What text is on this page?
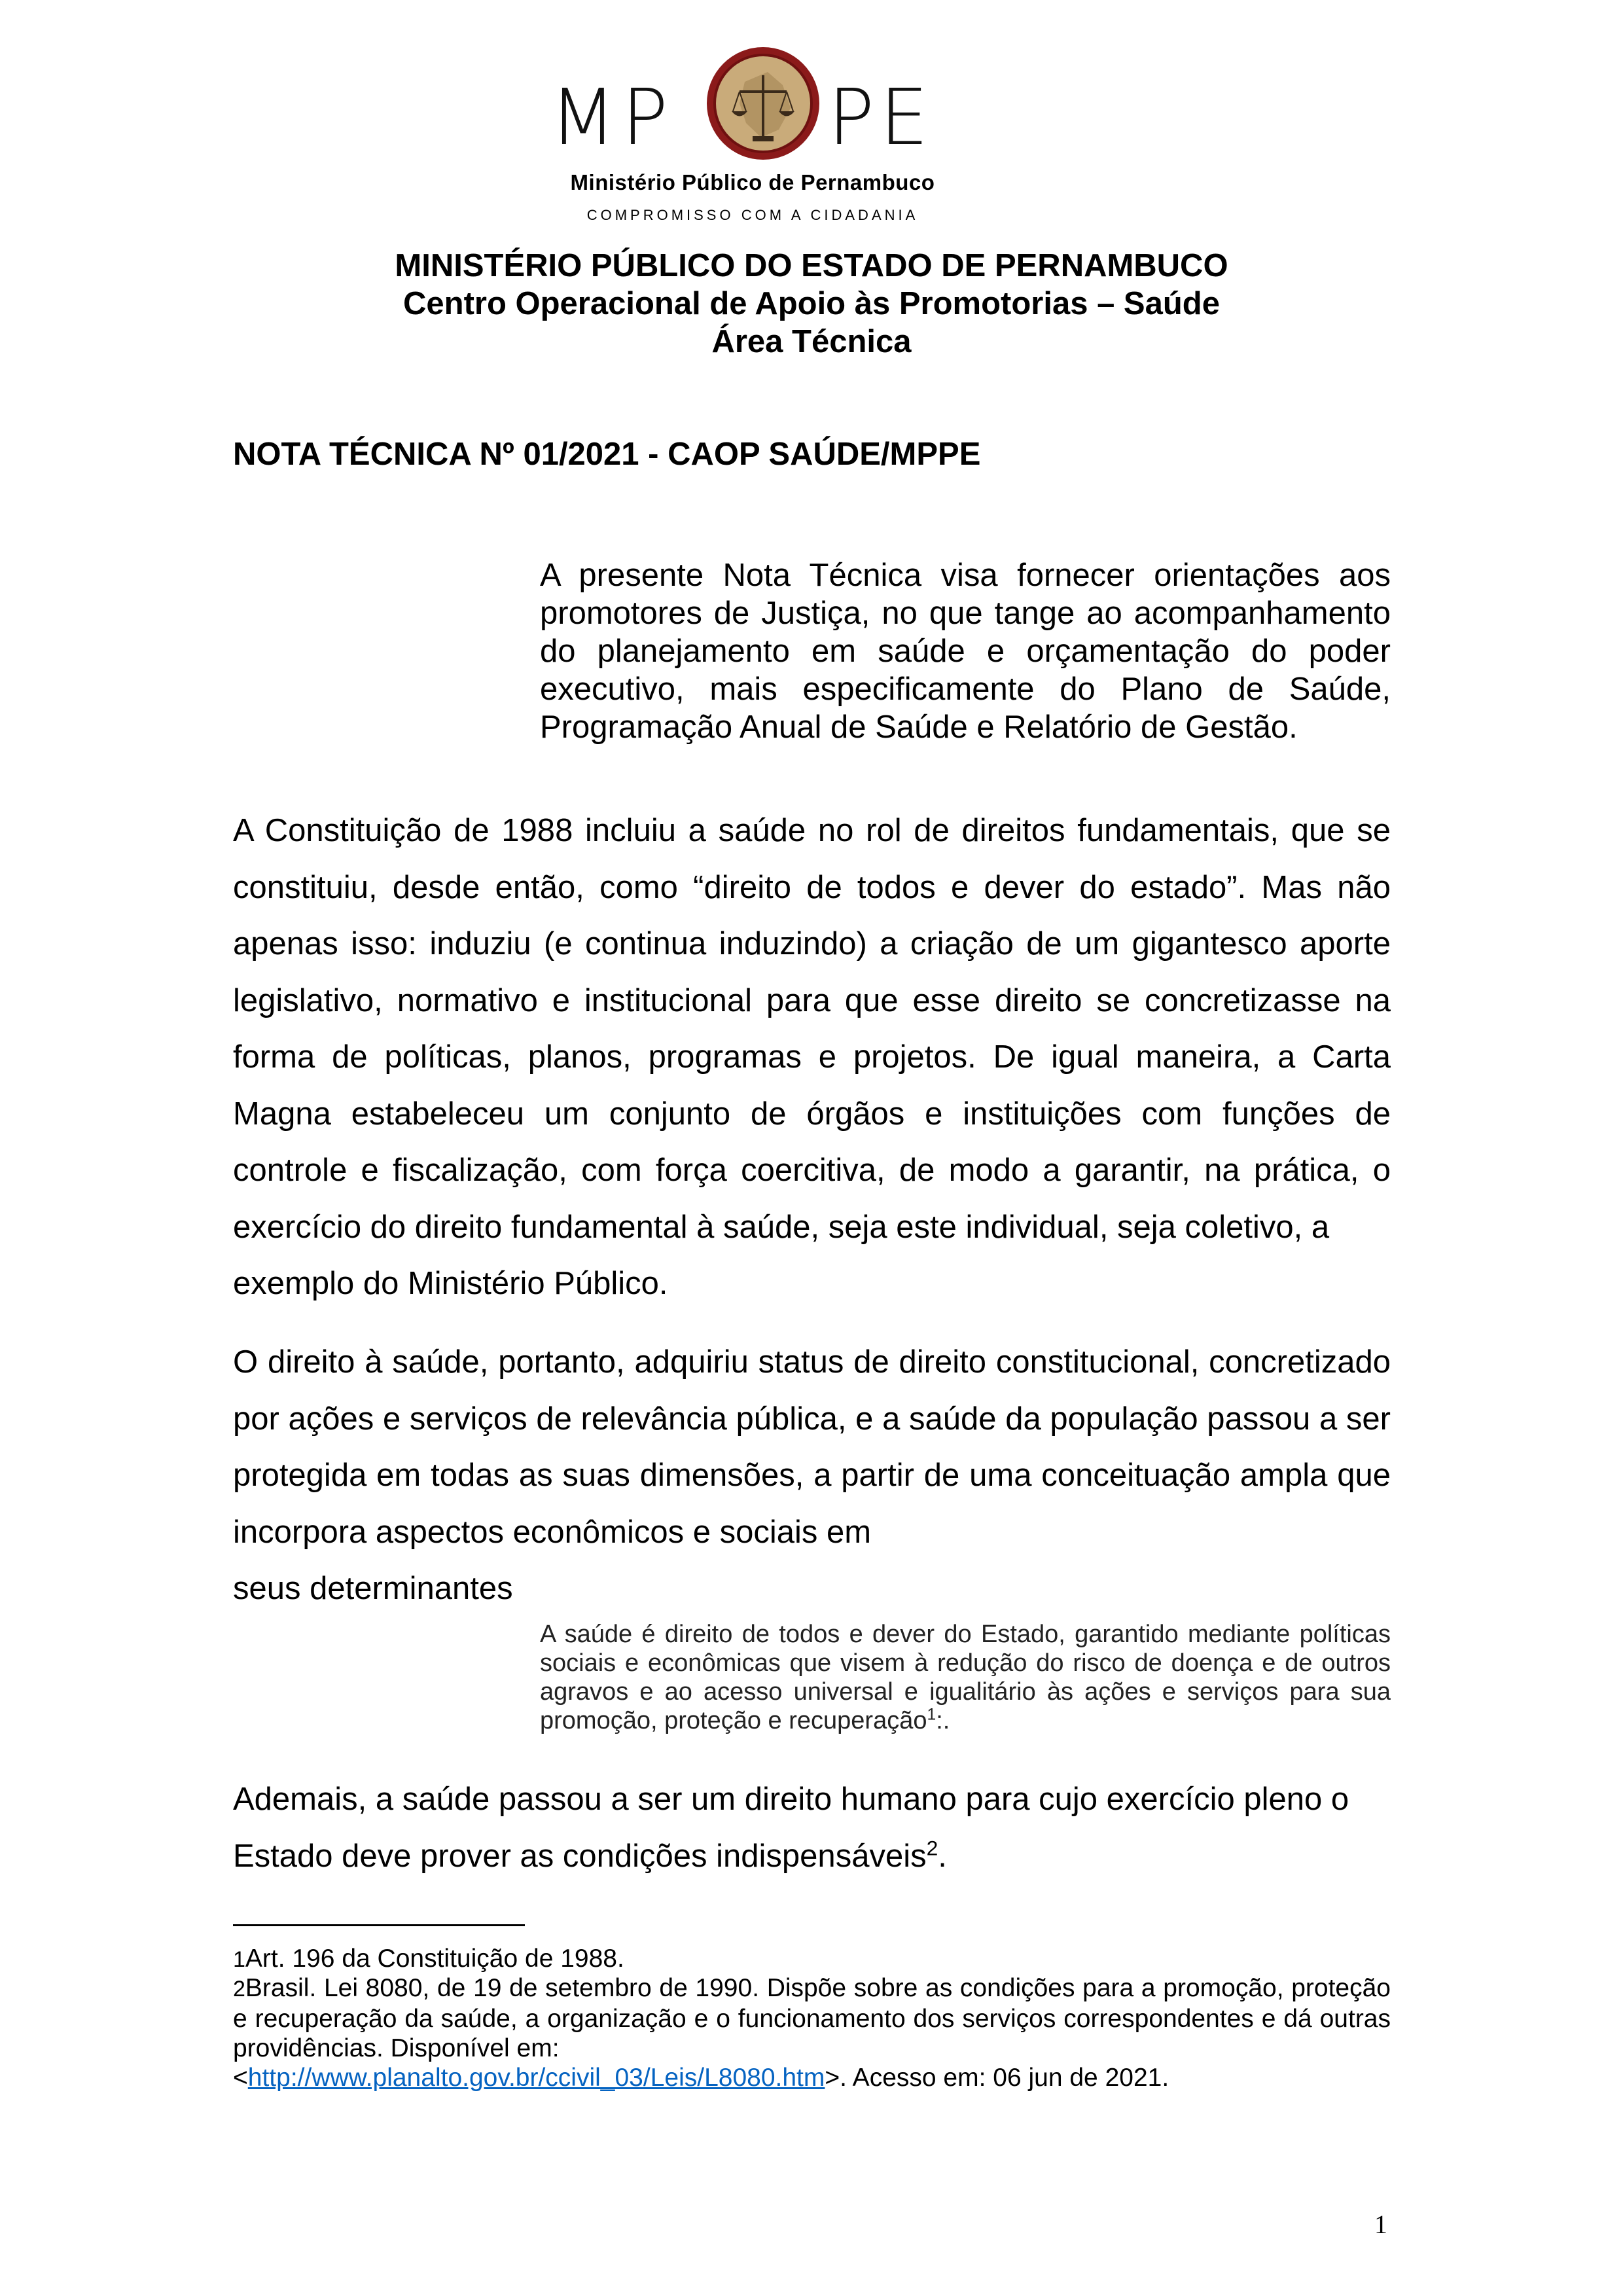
MP PE
Ministério Público de Pernambuco
COMPROMISSO COM A CIDADANIA
MINISTÉRIO PÚBLICO DO ESTADO DE PERNAMBUCO
Centro Operacional de Apoio às Promotorias – Saúde
Área Técnica
NOTA TÉCNICA Nº 01/2021 - CAOP SAÚDE/MPPE
A presente Nota Técnica visa fornecer orientações aos promotores de Justiça, no que tange ao acompanhamento do planejamento em saúde e orçamentação do poder executivo, mais especificamente do Plano de Saúde, Programação Anual de Saúde e Relatório de Gestão.

A Constituição de 1988 incluiu a saúde no rol de direitos fundamentais, que se constituiu, desde então, como “direito de todos e dever do estado”. Mas não apenas isso: induziu (e continua induzindo) a criação de um gigantesco aporte legislativo, normativo e institucional para que esse direito se concretizasse na forma de políticas, planos, programas e projetos. De igual maneira, a Carta Magna estabeleceu um conjunto de órgãos e instituições com funções de controle e fiscalização, com força coercitiva, de modo a garantir, na prática, o exercício do direito fundamental à saúde, seja este individual, seja coletivo, a
exemplo do Ministério Público.

O direito à saúde, portanto, adquiriu status de direito constitucional, concretizado por ações e serviços de relevância pública, e a saúde da população passou a ser protegida em todas as suas dimensões, a partir de uma conceituação ampla que incorpora aspectos econômicos e sociais em
seus determinantes

A saúde é direito de todos e dever do Estado, garantido mediante políticas sociais e econômicas que visem à redução do risco de doença e de outros agravos e ao acesso universal e igualitário às ações e serviços para sua promoção, proteção e recuperação$^1$:.

Ademais, a saúde passou a ser um direito humano para cujo exercício pleno o
Estado deve prover as condições indispensáveis$^2$.

1Art. 196 da Constituição de 1988.
2Brasil. Lei 8080, de 19 de setembro de 1990. Dispõe sobre as condições para a promoção, proteção e recuperação da saúde, a organização e o funcionamento dos serviços correspondentes e dá outras providências. Disponível em:
<http://www.planalto.gov.br/ccivil_03/Leis/L8080.htm>. Acesso em: 06 jun de 2021.
1
